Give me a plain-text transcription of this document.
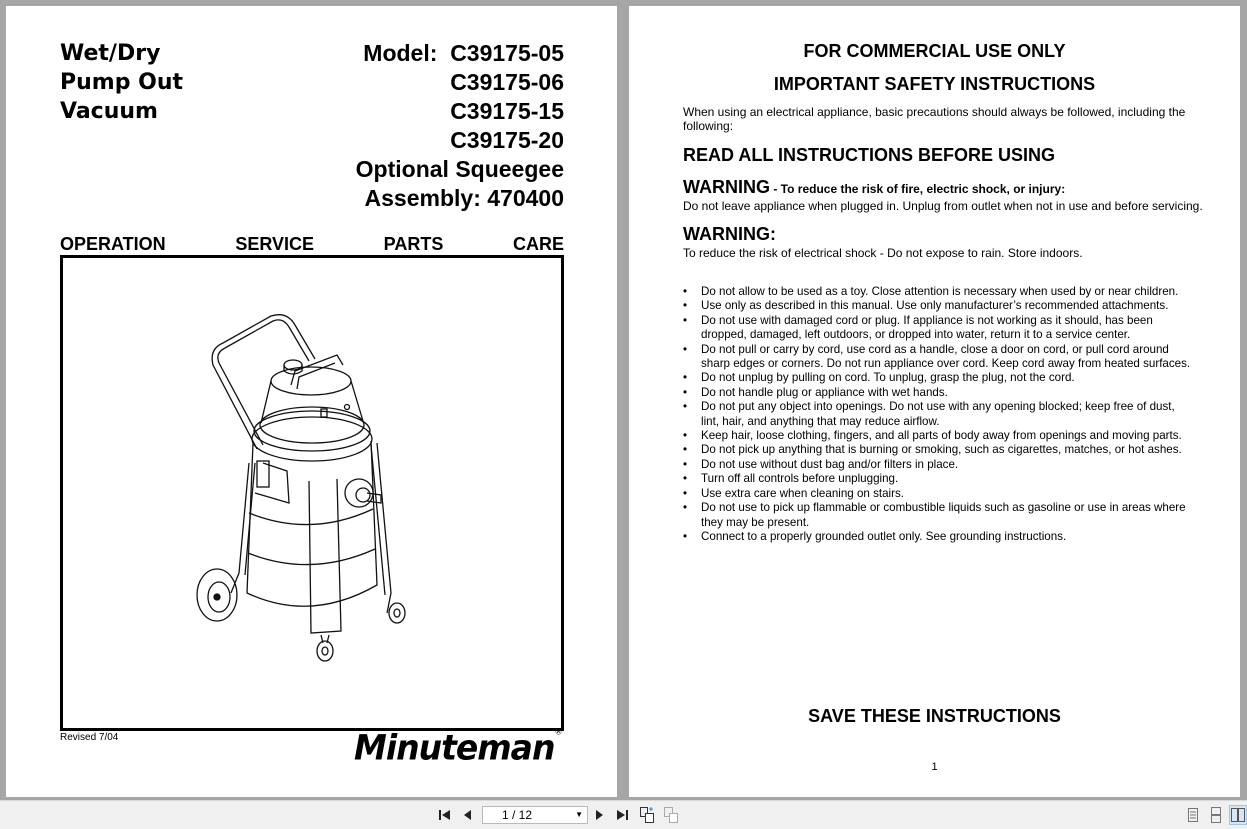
Wet/Dry
Pump Out
Vacuum
Model: C39175-05
C39175-06
C39175-15
C39175-20
Optional Squeegee
Assembly: 470400
OPERATION	SERVICE	PARTS	CARE
Revised 7/04	Minuteman®
FOR COMMERCIAL USE ONLY
IMPORTANT SAFETY INSTRUCTIONS
When using an electrical appliance, basic precautions should always be followed, including the following:
READ ALL INSTRUCTIONS BEFORE USING
WARNING - To reduce the risk of fire, electric shock, or injury:
Do not leave appliance when plugged in. Unplug from outlet when not in use and before servicing.
WARNING:
To reduce the risk of electrical shock - Do not expose to rain. Store indoors.
• Do not allow to be used as a toy. Close attention is necessary when used by or near children.
• Use only as described in this manual. Use only manufacturer’s recommended attachments.
• Do not use with damaged cord or plug. If appliance is not working as it should, has been dropped, damaged, left outdoors, or dropped into water, return it to a service center.
• Do not pull or carry by cord, use cord as a handle, close a door on cord, or pull cord around sharp edges or corners. Do not run appliance over cord. Keep cord away from heated surfaces.
• Do not unplug by pulling on cord. To unplug, grasp the plug, not the cord.
• Do not handle plug or appliance with wet hands.
• Do not put any object into openings. Do not use with any opening blocked; keep free of dust, lint, hair, and anything that may reduce airflow.
• Keep hair, loose clothing, fingers, and all parts of body away from openings and moving parts.
• Do not pick up anything that is burning or smoking, such as cigarettes, matches, or hot ashes.
• Do not use without dust bag and/or filters in place.
• Turn off all controls before unplugging.
• Use extra care when cleaning on stairs.
• Do not use to pick up flammable or combustible liquids such as gasoline or use in areas where they may be present.
• Connect to a properly grounded outlet only. See grounding instructions.
SAVE THESE INSTRUCTIONS
1
1 / 12	▼
